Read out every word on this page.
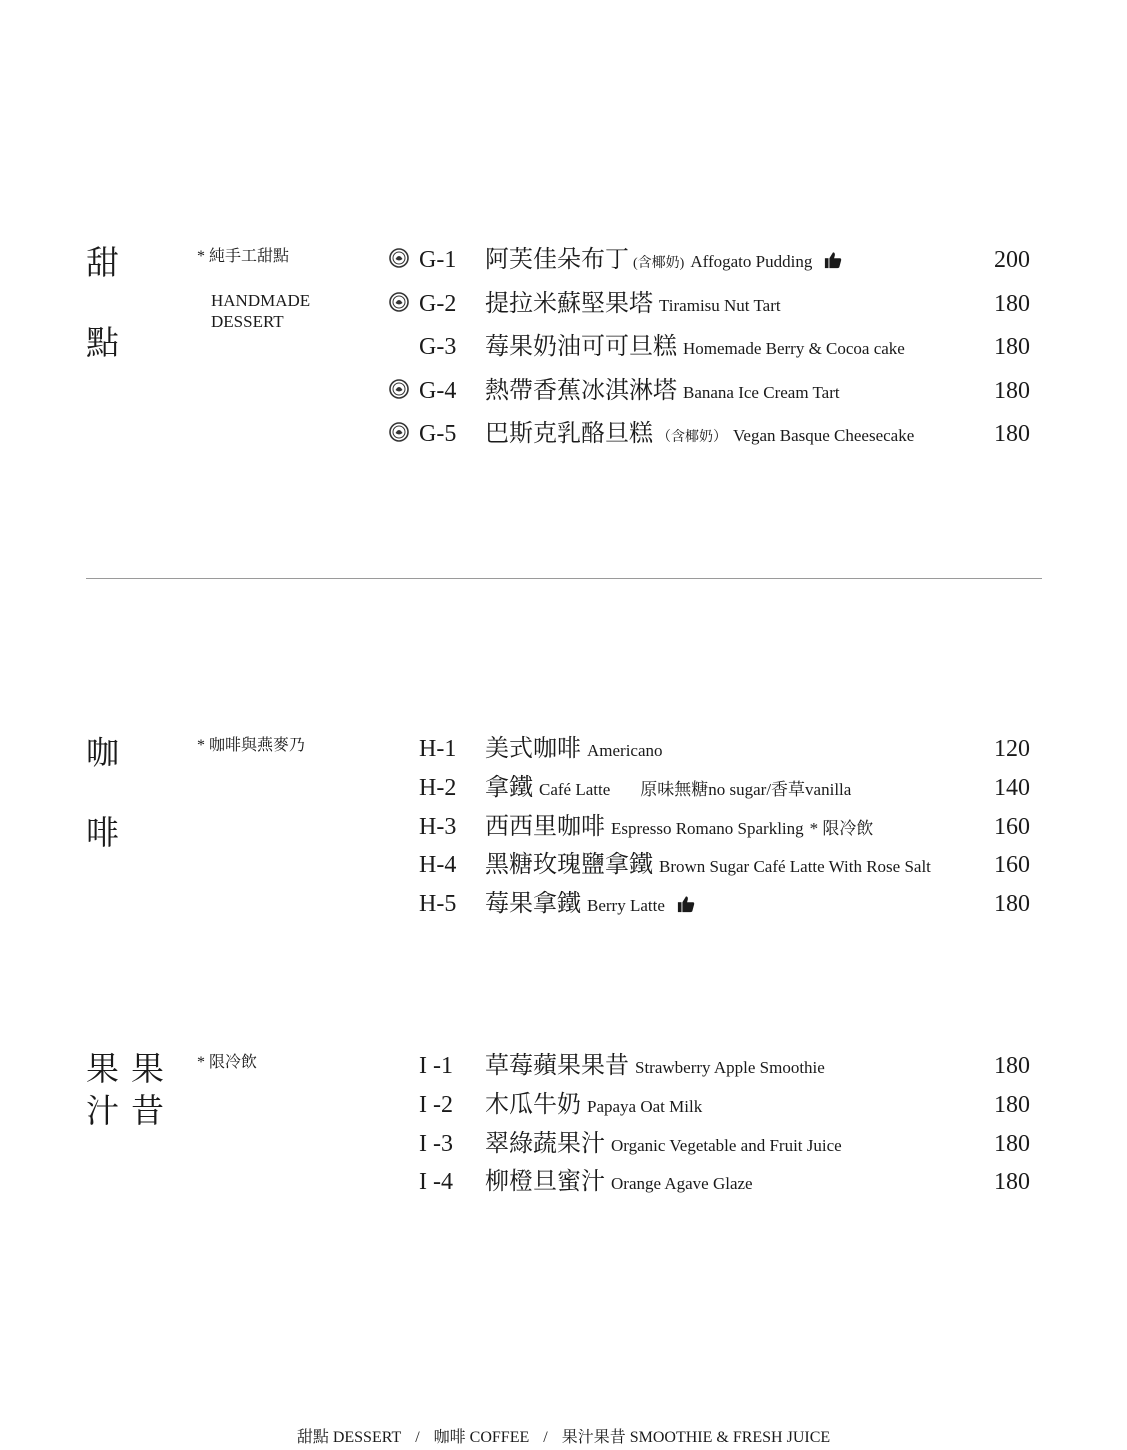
甜
點
* 純手工甜點
HANDMADE
DESSERT
G-1 阿芙佳朵布丁 (含椰奶) Affogato Pudding	200
G-2 提拉米蘇堅果塔 Tiramisu Nut Tart	180
G-3 莓果奶油可可旦糕 Homemade Berry & Cocoa cake	180
G-4 熱帶香蕉冰淇淋塔 Banana Ice Cream Tart	180
G-5 巴斯克乳酪旦糕 （含椰奶） Vegan Basque Cheesecake	180
咖
啡
* 咖啡與燕麥乃	H-1 美式咖啡 Americano	120
H-2 拿鐵 Café Latte 原味無糖no sugar/香草vanilla	140
H-3 西西里咖啡 Espresso Romano Sparkling * 限冷飲	160
H-4 黑糖玫瑰鹽拿鐵 Brown Sugar Café Latte With Rose Salt	160
H-5 莓果拿鐵 Berry Latte	180
果 果
汁 昔
* 限冷飲	I -1 草莓蘋果果昔 Strawberry Apple Smoothie	180
I -2 木瓜牛奶 Papaya Oat Milk	180
I -3 翠綠蔬果汁 Organic Vegetable and Fruit Juice	180
I -4 柳橙旦蜜汁 Orange Agave Glaze	180
甜點 DESSERT / 咖啡 COFFEE / 果汁果昔 SMOOTHIE & FRESH JUICE
